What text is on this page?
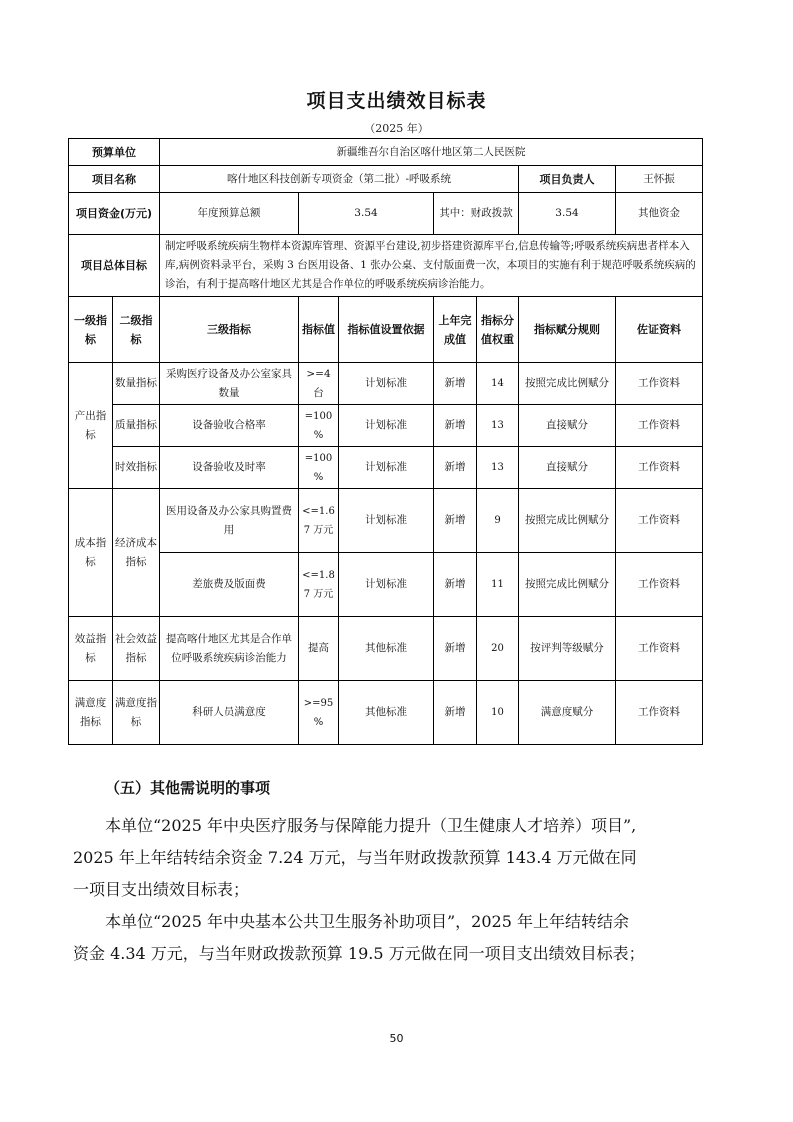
项目支出绩效目标表
（2025 年）
预算单位		新疆维吾尔自治区喀什地区第二人民医院						
项目名称		喀什地区科技创新专项资金（第二批）-呼吸系统					项目负责人	王怀振
项目资金(万元)		年度预算总额	3.54		其中：财政拨款		3.54	其他资金
项目总体目标		制定呼吸系统疾病生物样本资源库管理、资源平台建设,初步搭建资源库平台,信息传输等;呼吸系统疾病患者样本入库,病例资料录平台，采购 3 台医用设备、1 张办公桌、支付版面费一次，本项目的实施有利于规范呼吸系统疾病的诊治，有利于提高喀什地区尤其是合作单位的呼吸系统疾病诊治能力。						
一级指标	二级指标	三级指标	指标值	指标值设置依据	上年完成值	指标分值权重	指标赋分规则	佐证资料
产出指标	数量指标	采购医疗设备及办公室家具数量	>=4 台	计划标准	新增	14	按照完成比例赋分	工作资料
	质量指标	设备验收合格率	=100%	计划标准	新增	13	直接赋分	工作资料
	时效指标	设备验收及时率	=100%	计划标准	新增	13	直接赋分	工作资料
成本指标	经济成本指标	医用设备及办公家具购置费用	<=1.67 万元	计划标准	新增	9	按照完成比例赋分	工作资料
		差旅费及版面费	<=1.87 万元	计划标准	新增	11	按照完成比例赋分	工作资料
效益指标	社会效益指标	提高喀什地区尤其是合作单位呼吸系统疾病诊治能力	提高	其他标准	新增	20	按评判等级赋分	工作资料
满意度指标	满意度指标	科研人员满意度	>=95%	其他标准	新增	10	满意度赋分	工作资料
（五）其他需说明的事项
本单位“2025 年中央医疗服务与保障能力提升（卫生健康人才培养）项目”,
2025 年上年结转结余资金 7.24 万元，与当年财政拨款预算 143.4 万元做在同
一项目支出绩效目标表；
本单位“2025 年中央基本公共卫生服务补助项目”，2025 年上年结转结余
资金 4.34 万元，与当年财政拨款预算 19.5 万元做在同一项目支出绩效目标表；
50
